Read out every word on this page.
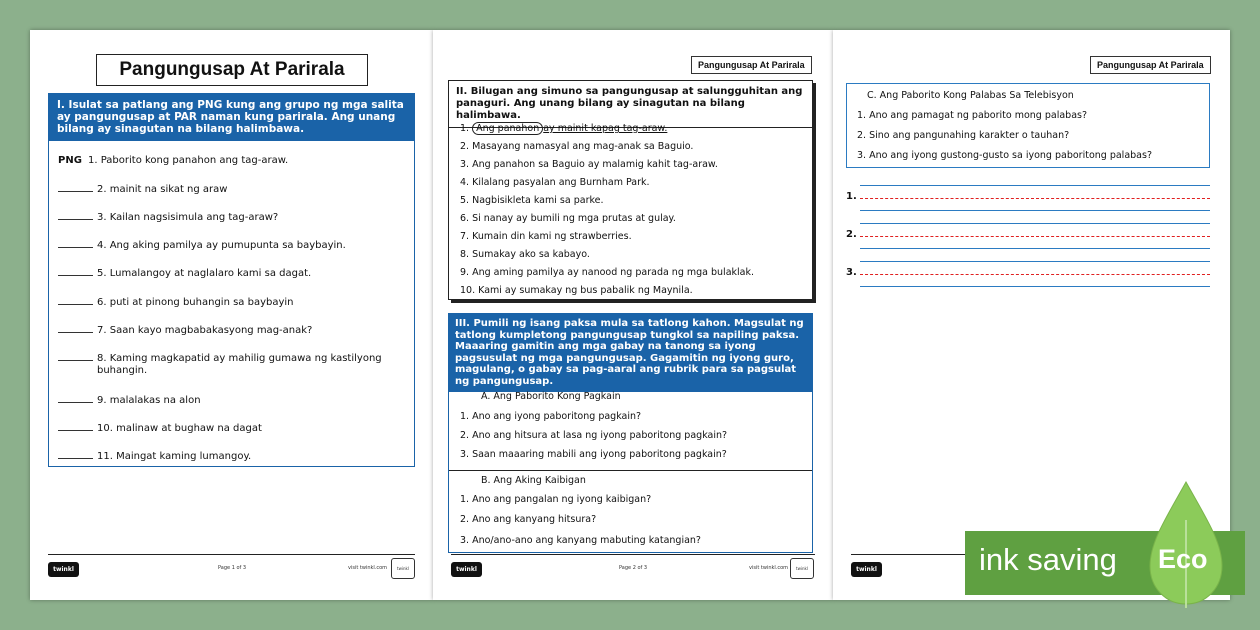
Pangungusap At Parirala
I. Isulat sa patlang ang PNG kung ang grupo ng mga salita ay pangungusap at PAR naman kung parirala. Ang unang bilang ay sinagutan na bilang halimbawa.
PNG 1. Paborito kong panahon ang tag-araw.
2. mainit na sikat ng araw
3. Kailan nagsisimula ang tag-araw?
4. Ang aking pamilya ay pumupunta sa baybayin.
5. Lumalangoy at naglalaro kami sa dagat.
6. puti at pinong buhangin sa baybayin
7. Saan kayo magbabakasyong mag-anak?
8. Kaming magkapatid ay mahilig gumawa ng kastilyong buhangin.
9. malalakas na alon
10. malinaw at bughaw na dagat
11. Maingat kaming lumangoy.
twinkl	Page 1 of 3	visit twinkl.com	twinkl
Pangungusap At Parirala
II. Bilugan ang simuno sa pangungusap at salungguhitan ang panaguri. Ang unang bilang ay sinagutan na bilang halimbawa.
1. Ang panahon ay mainit kapag tag-araw.
2. Masayang namasyal ang mag-anak sa Baguio.
3. Ang panahon sa Baguio ay malamig kahit tag-araw.
4. Kilalang pasyalan ang Burnham Park.
5. Nagbisikleta kami sa parke.
6. Si nanay ay bumili ng mga prutas at gulay.
7. Kumain din kami ng strawberries.
8. Sumakay ako sa kabayo.
9. Ang aming pamilya ay nanood ng parada ng mga bulaklak.
10. Kami ay sumakay ng bus pabalik ng Maynila.
III. Pumili ng isang paksa mula sa tatlong kahon. Magsulat ng tatlong kumpletong pangungusap tungkol sa napiling paksa. Maaaring gamitin ang mga gabay na tanong sa iyong pagsusulat ng mga pangungusap. Gagamitin ng iyong guro, magulang, o gabay sa pag-aaral ang rubrik para sa pagsulat ng pangungusap.
A. Ang Paborito Kong Pagkain
1. Ano ang iyong paboritong pagkain?
2. Ano ang hitsura at lasa ng iyong paboritong pagkain?
3. Saan maaaring mabili ang iyong paboritong pagkain?
B. Ang Aking Kaibigan
1. Ano ang pangalan ng iyong kaibigan?
2. Ano ang kanyang hitsura?
3. Ano/ano-ano ang kanyang mabuting katangian?
twinkl	Page 2 of 3	visit twinkl.com	twinkl
Pangungusap At Parirala
C. Ang Paborito Kong Palabas Sa Telebisyon
1. Ano ang pamagat ng paborito mong palabas?
2. Sino ang pangunahing karakter o tauhan?
3. Ano ang iyong gustong-gusto sa iyong paboritong palabas?
1.
2.
3.
twinkl	ink saving Eco
